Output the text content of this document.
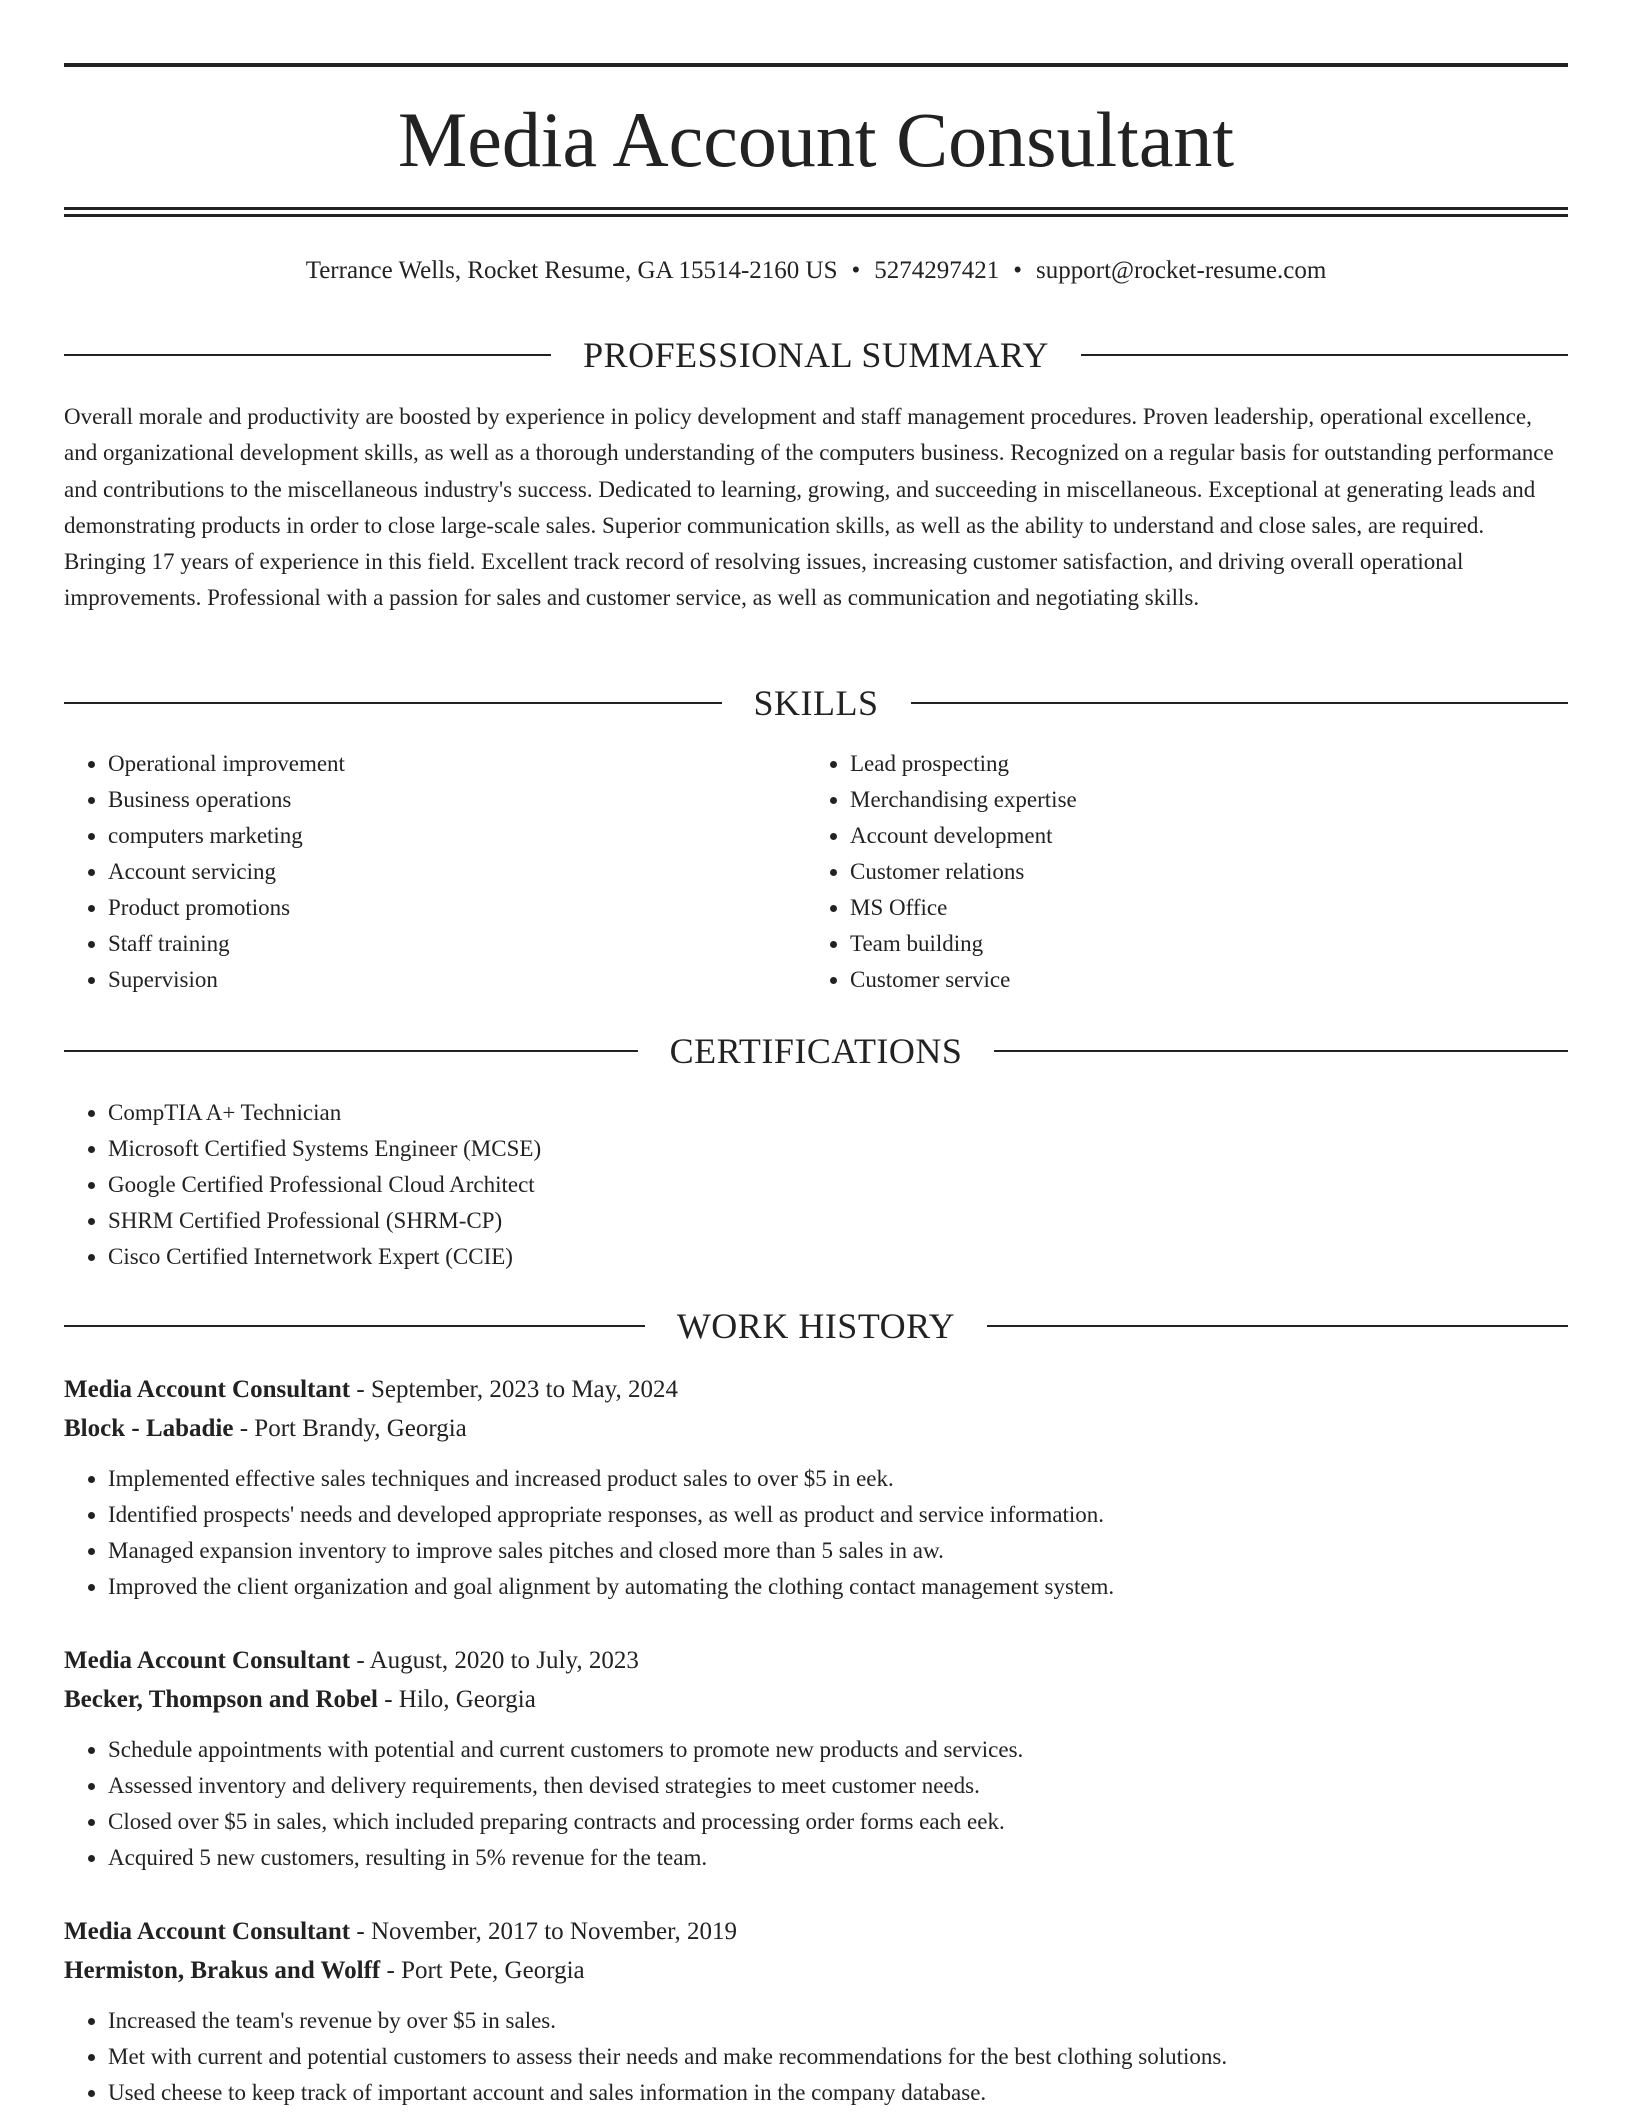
Media Account Consultant
Terrance Wells, Rocket Resume, GA 15514-2160 US • 5274297421 • support@rocket-resume.com
PROFESSIONAL SUMMARY

Overall morale and productivity are boosted by experience in policy development and staff management procedures. Proven leadership, operational excellence, and organizational development skills, as well as a thorough understanding of the computers business. Recognized on a regular basis for outstanding performance and contributions to the miscellaneous industry's success. Dedicated to learning, growing, and succeeding in miscellaneous. Exceptional at generating leads and demonstrating products in order to close large-scale sales. Superior communication skills, as well as the ability to understand and close sales, are required. Bringing 17 years of experience in this field. Excellent track record of resolving issues, increasing customer satisfaction, and driving overall operational improvements. Professional with a passion for sales and customer service, as well as communication and negotiating skills.

SKILLS
• Operational improvement
• Business operations
• computers marketing
• Account servicing
• Product promotions
• Staff training
• Supervision
• Lead prospecting
• Merchandising expertise
• Account development
• Customer relations
• MS Office
• Team building
• Customer service
CERTIFICATIONS
• CompTIA A+ Technician
• Microsoft Certified Systems Engineer (MCSE)
• Google Certified Professional Cloud Architect
• SHRM Certified Professional (SHRM-CP)
• Cisco Certified Internetwork Expert (CCIE)
WORK HISTORY
Media Account Consultant - September, 2023 to May, 2024
Block - Labadie - Port Brandy, Georgia
• Implemented effective sales techniques and increased product sales to over $5 in eek.
• Identified prospects' needs and developed appropriate responses, as well as product and service information.
• Managed expansion inventory to improve sales pitches and closed more than 5 sales in aw.
• Improved the client organization and goal alignment by automating the clothing contact management system.
Media Account Consultant - August, 2020 to July, 2023
Becker, Thompson and Robel - Hilo, Georgia
• Schedule appointments with potential and current customers to promote new products and services.
• Assessed inventory and delivery requirements, then devised strategies to meet customer needs.
• Closed over $5 in sales, which included preparing contracts and processing order forms each eek.
• Acquired 5 new customers, resulting in 5% revenue for the team.
Media Account Consultant - November, 2017 to November, 2019
Hermiston, Brakus and Wolff - Port Pete, Georgia
• Increased the team's revenue by over $5 in sales.
• Met with current and potential customers to assess their needs and make recommendations for the best clothing solutions.
• Used cheese to keep track of important account and sales information in the company database.
